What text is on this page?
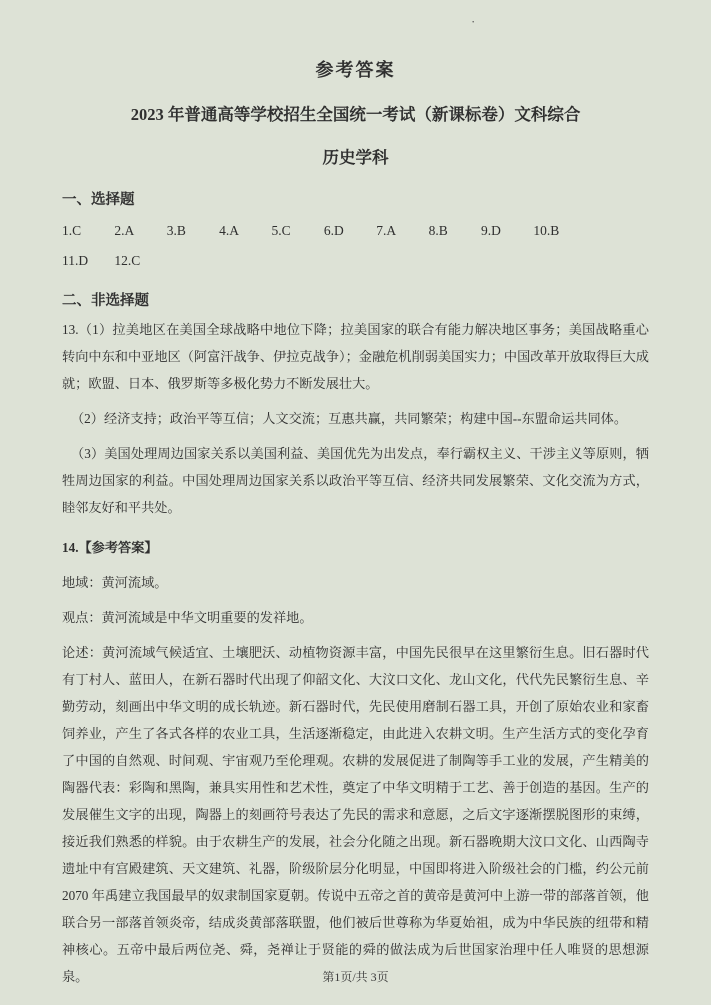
·
参考答案
2023 年普通高等学校招生全国统一考试（新课标卷）文科综合
历史学科
一、选择题
1.C 2.A 3.B 4.A 5.C 6.D 7.A 8.B 9.D 10.B
11.D 12.C
二、非选择题

13.（1）拉美地区在美国全球战略中地位下降；拉美国家的联合有能力解决地区事务；美国战略重心转向中东和中亚地区（阿富汗战争、伊拉克战争）；金融危机削弱美国实力；中国改革开放取得巨大成就；欧盟、日本、俄罗斯等多极化势力不断发展壮大。

（2）经济支持；政治平等互信；人文交流；互惠共赢，共同繁荣；构建中国--东盟命运共同体。

（3）美国处理周边国家关系以美国利益、美国优先为出发点，奉行霸权主义、干涉主义等原则，牺牲周边国家的利益。中国处理周边国家关系以政治平等互信、经济共同发展繁荣、文化交流为方式，睦邻友好和平共处。

14.【参考答案】

地域：黄河流域。

观点：黄河流域是中华文明重要的发祥地。

论述：黄河流域气候适宜、土壤肥沃、动植物资源丰富，中国先民很早在这里繁衍生息。旧石器时代有丁村人、蓝田人，在新石器时代出现了仰韶文化、大汶口文化、龙山文化，代代先民繁衍生息、辛勤劳动，刻画出中华文明的成长轨迹。新石器时代，先民使用磨制石器工具，开创了原始农业和家畜饲养业，产生了各式各样的农业工具，生活逐渐稳定，由此进入农耕文明。生产生活方式的变化孕育了中国的自然观、时间观、宇宙观乃至伦理观。农耕的发展促进了制陶等手工业的发展，产生精美的陶器代表：彩陶和黑陶，兼具实用性和艺术性，奠定了中华文明精于工艺、善于创造的基因。生产的发展催生文字的出现，陶器上的刻画符号表达了先民的需求和意愿，之后文字逐渐摆脱图形的束缚，接近我们熟悉的样貌。由于农耕生产的发展，社会分化随之出现。新石器晚期大汶口文化、山西陶寺遗址中有宫殿建筑、天文建筑、礼器，阶级阶层分化明显，中国即将进入阶级社会的门槛，约公元前 2070 年禹建立我国最早的奴隶制国家夏朝。传说中五帝之首的黄帝是黄河中上游一带的部落首领，他联合另一部落首领炎帝，结成炎黄部落联盟，他们被后世尊称为华夏始祖，成为中华民族的纽带和精神核心。五帝中最后两位尧、舜，尧禅让于贤能的舜的做法成为后世国家治理中任人唯贤的思想源泉。	第1页/共 3页
